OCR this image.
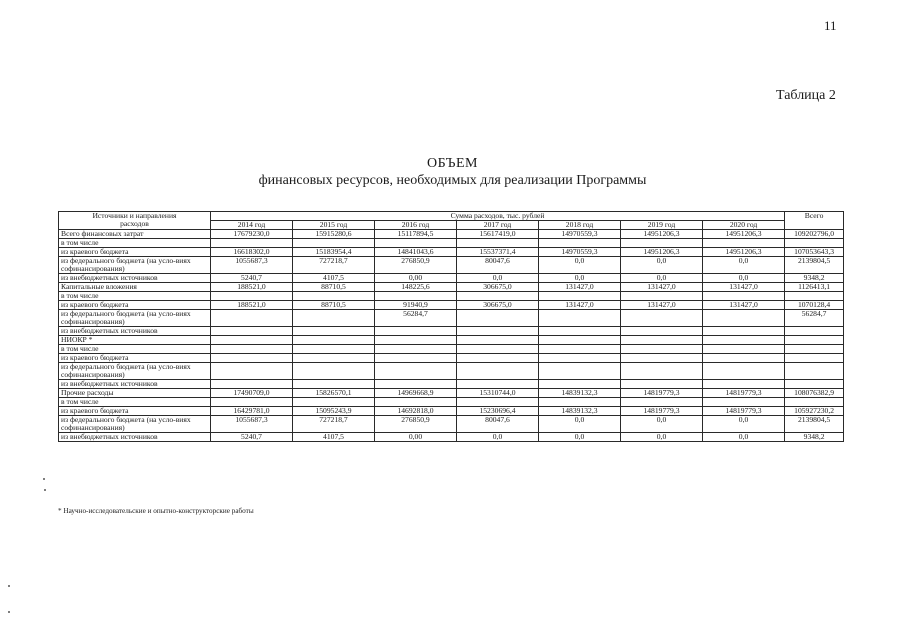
11
Таблица 2
ОБЪЕМ
финансовых ресурсов, необходимых для реализации Программы
Источники и направления
расходов	Сумма расходов, тыс. рублей							Всего
	2014 год	2015 год	2016 год	2017 год	2018 год	2019 год	2020 год	
Всего финансовых затрат	17679230,0	15915280,6	15117894,5	15617419,0	14970559,3	14951206,3	14951206,3	109202796,0
в том числе								
из краевого бюджета	16618302,0	15183954,4	14841043,6	15537371,4	14970559,3	14951206,3	14951206,3	107053643,3
из федерального бюджета (на усло-виях софинансирования)	1055687,3	727218,7	276850,9	80047,6	0,0	0,0	0,0	2139804,5
из внебюджетных источников	5240,7	4107,5	0,00	0,0	0,0	0,0	0,0	9348,2
Капитальные вложения	188521,0	88710,5	148225,6	306675,0	131427,0	131427,0	131427,0	1126413,1
в том числе								
из краевого бюджета	188521,0	88710,5	91940,9	306675,0	131427,0	131427,0	131427,0	1070128,4
из федерального бюджета (на усло-виях софинансирования)			56284,7					56284,7
из внебюджетных источников								
НИОКР *								
в том числе								
из краевого бюджета								
из федерального бюджета (на усло-виях софинансирования)								
из внебюджетных источников								
Прочие расходы	17490709,0	15826570,1	14969668,9	15310744,0	14839132,3	14819779,3	14819779,3	108076382,9
в том числе								
из краевого бюджета	16429781,0	15095243,9	14692818,0	15230696,4	14839132,3	14819779,3	14819779,3	105927230,2
из федерального бюджета (на усло-виях софинансирования)	1055687,3	727218,7	276850,9	80047,6	0,0	0,0	0,0	2139804,5
из внебюджетных источников	5240,7	4107,5	0,00	0,0	0,0	0,0	0,0	9348,2
* Научно-исследовательские и опытно-конструкторские работы
